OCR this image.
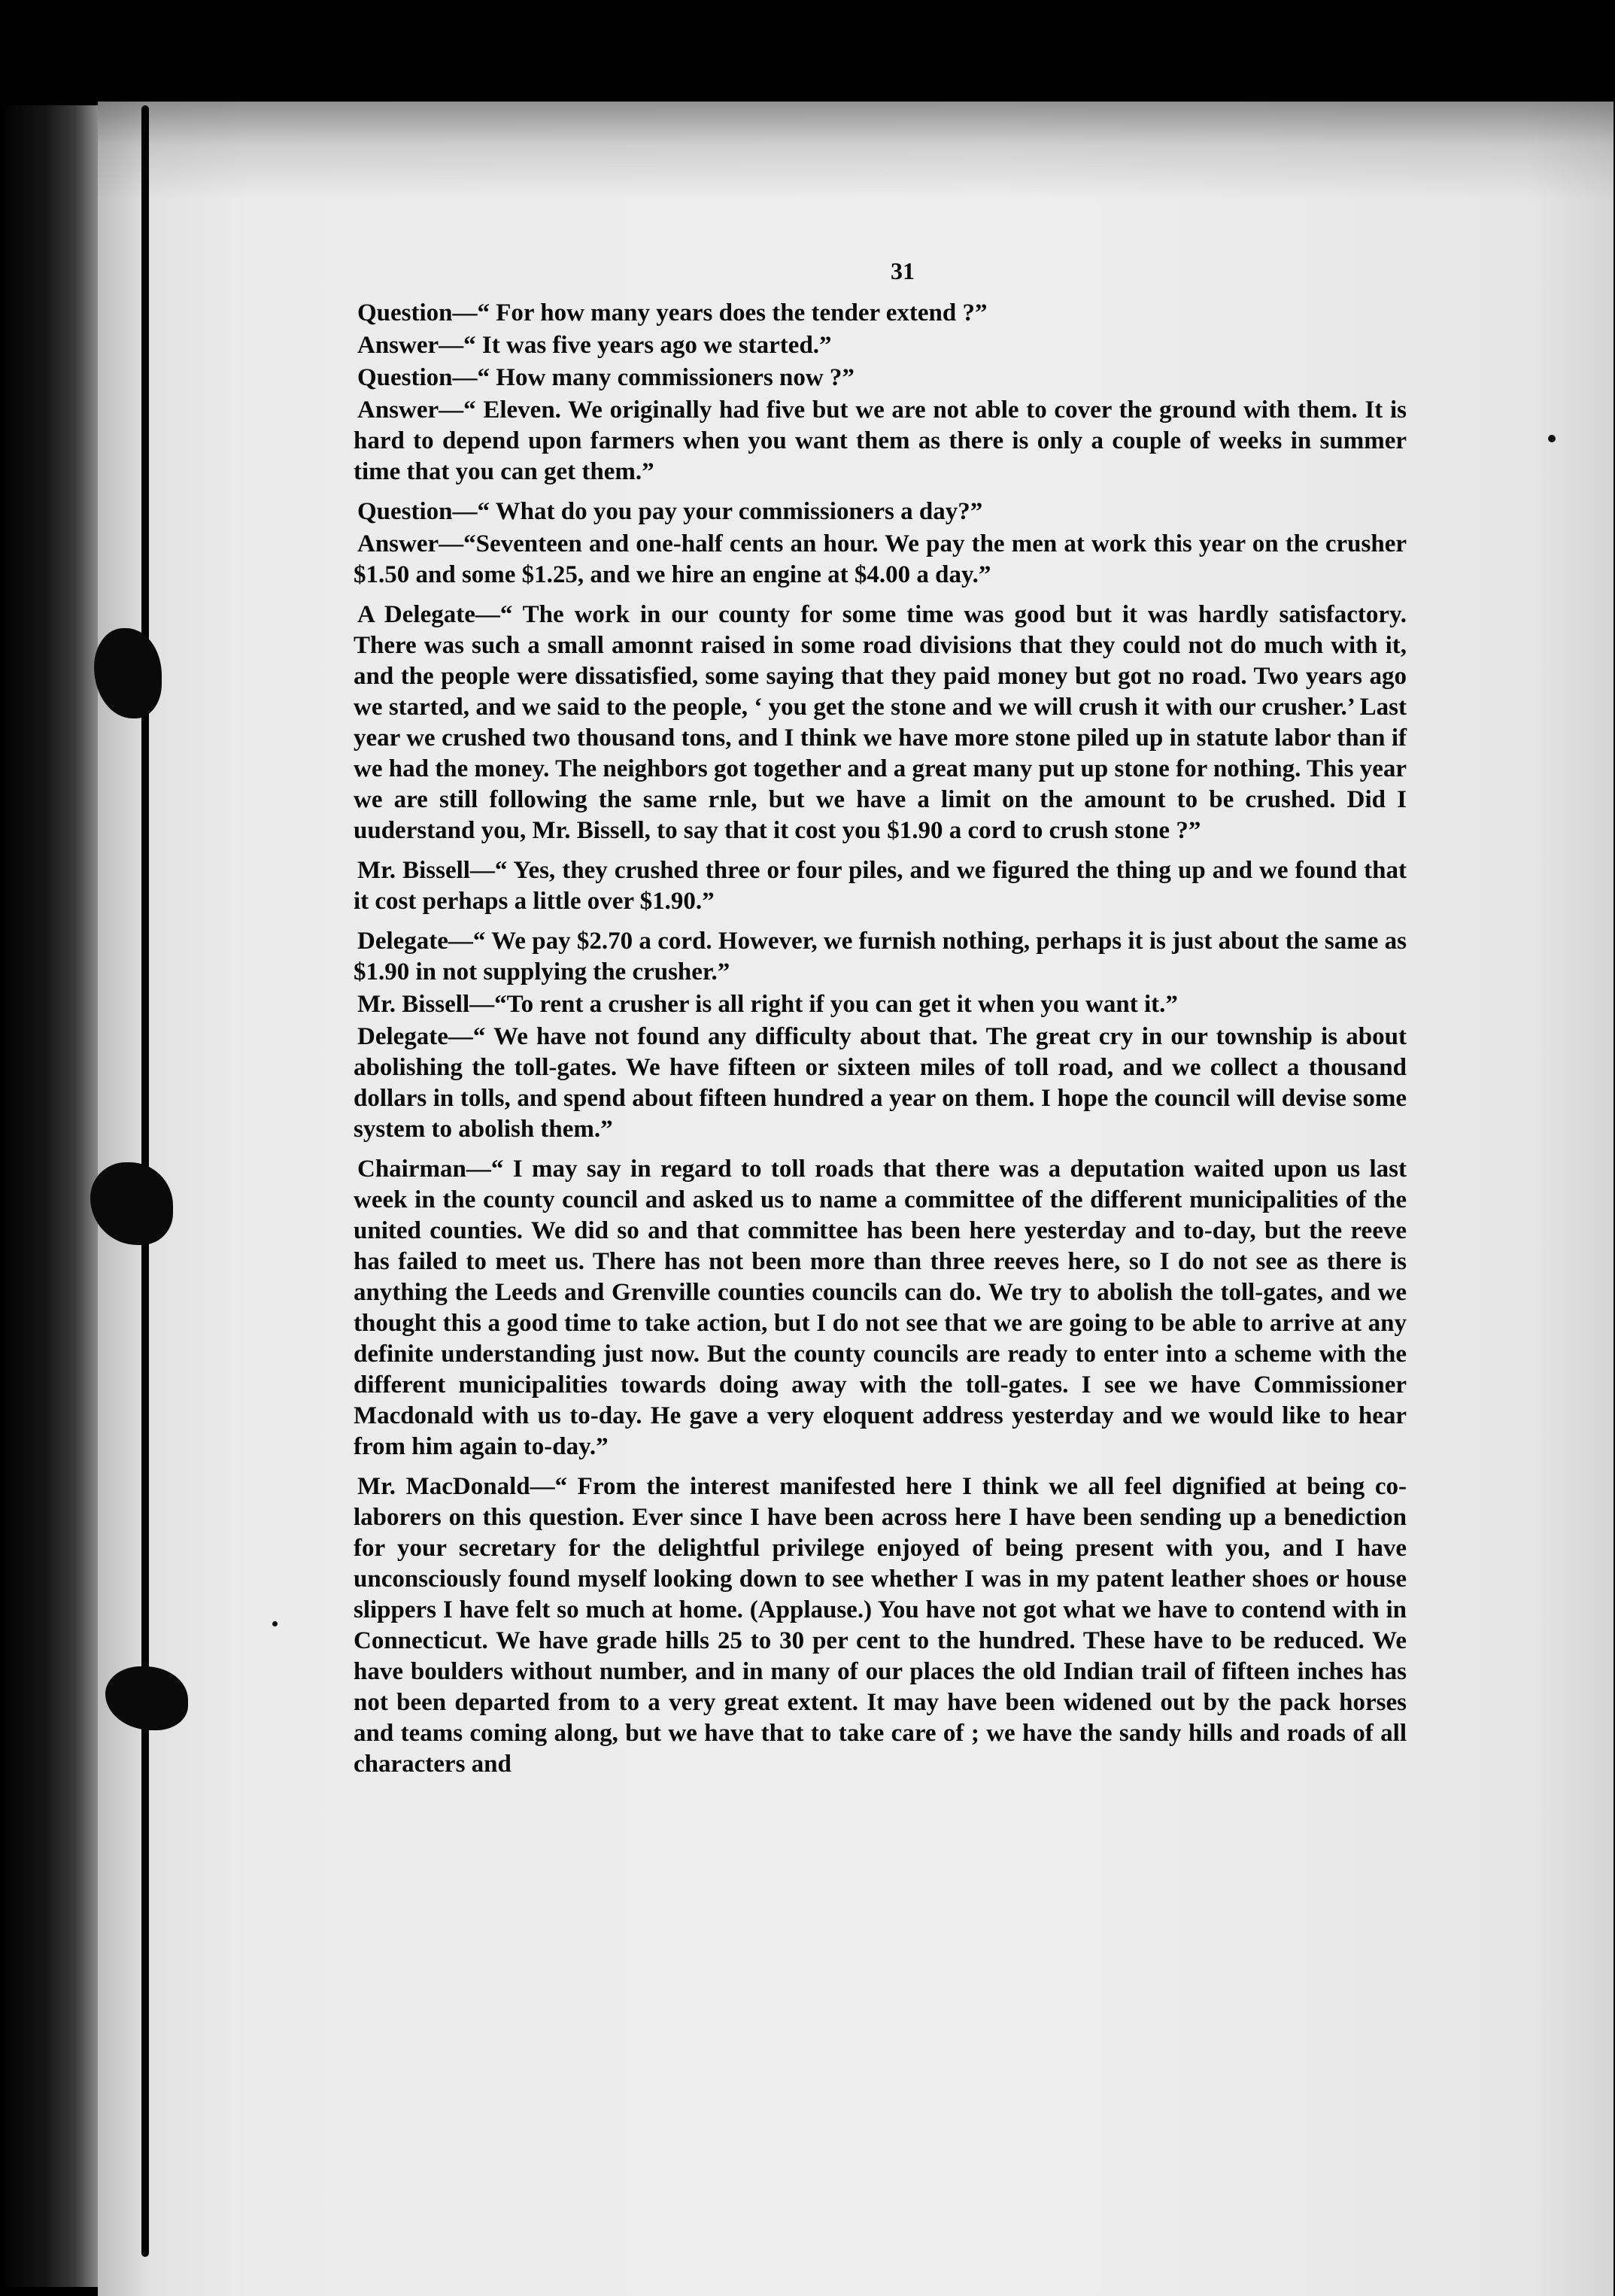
31

Question—“ For how many years does the tender extend ?”

Answer—“ It was five years ago we started.”

Question—“ How many commissioners now ?”

Answer—“ Eleven. We originally had five but we are not able to cover the ground with them. It is hard to depend upon farmers when you want them as there is only a couple of weeks in summer time that you can get them.”

Question—“ What do you pay your commissioners a day?”

Answer—“Seventeen and one-half cents an hour. We pay the men at work this year on the crusher $1.50 and some $1.25, and we hire an engine at $4.00 a day.”

A Delegate—“ The work in our county for some time was good but it was hardly satisfactory. There was such a small amonnt raised in some road divisions that they could not do much with it, and the people were dissatisfied, some saying that they paid money but got no road. Two years ago we started, and we said to the people, ‘ you get the stone and we will crush it with our crusher.’ Last year we crushed two thousand tons, and I think we have more stone piled up in statute labor than if we had the money. The neighbors got together and a great many put up stone for nothing. This year we are still following the same rnle, but we have a limit on the amount to be crushed. Did I uuderstand you, Mr. Bissell, to say that it cost you $1.90 a cord to crush stone ?”

Mr. Bissell—“ Yes, they crushed three or four piles, and we figured the thing up and we found that it cost perhaps a little over $1.90.”

Delegate—“ We pay $2.70 a cord. However, we furnish nothing, perhaps it is just about the same as $1.90 in not supplying the crusher.”

Mr. Bissell—“To rent a crusher is all right if you can get it when you want it.”

Delegate—“ We have not found any difficulty about that. The great cry in our township is about abolishing the toll-gates. We have fifteen or sixteen miles of toll road, and we collect a thousand dollars in tolls, and spend about fifteen hundred a year on them. I hope the council will devise some system to abolish them.”

Chairman—“ I may say in regard to toll roads that there was a deputation waited upon us last week in the county council and asked us to name a committee of the different municipalities of the united counties. We did so and that committee has been here yesterday and to-day, but the reeve has failed to meet us. There has not been more than three reeves here, so I do not see as there is anything the Leeds and Grenville counties councils can do. We try to abolish the toll-gates, and we thought this a good time to take action, but I do not see that we are going to be able to arrive at any definite understanding just now. But the county councils are ready to enter into a scheme with the different municipalities towards doing away with the toll-gates. I see we have Commissioner Macdonald with us to-day. He gave a very eloquent address yesterday and we would like to hear from him again to-day.”

Mr. MacDonald—“ From the interest manifested here I think we all feel dignified at being co-laborers on this question. Ever since I have been across here I have been sending up a benediction for your secretary for the delightful privilege enjoyed of being present with you, and I have unconsciously found myself looking down to see whether I was in my patent leather shoes or house slippers I have felt so much at home. (Applause.) You have not got what we have to contend with in Connecticut. We have grade hills 25 to 30 per cent to the hundred. These have to be reduced. We have boulders without number, and in many of our places the old Indian trail of fifteen inches has not been departed from to a very great extent. It may have been widened out by the pack horses and teams coming along, but we have that to take care of ; we have the sandy hills and roads of all characters and
